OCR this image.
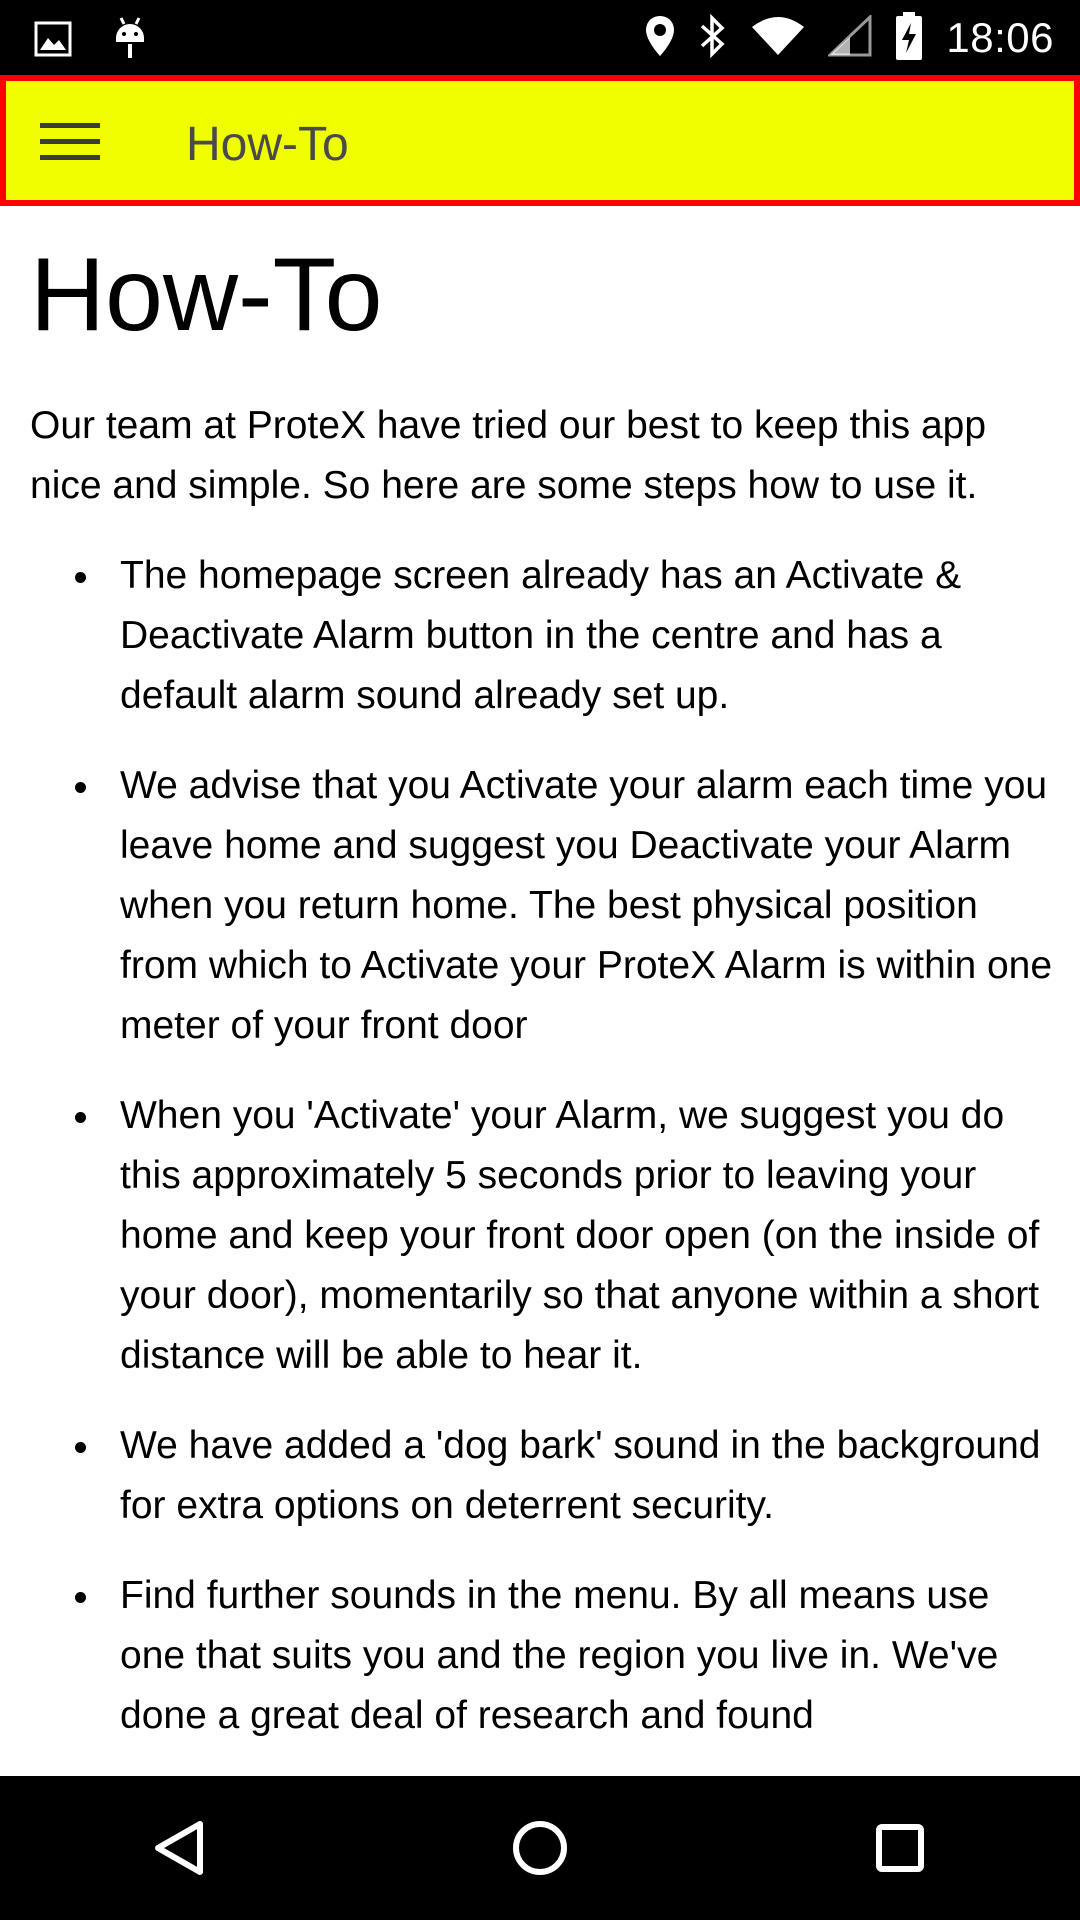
18:06
How-To
How-To

Our team at ProteX have tried our best to keep this app nice and simple. So here are some steps how to use it.

The homepage screen already has an Activate & Deactivate Alarm button in the centre and has a default alarm sound already set up.
We advise that you Activate your alarm each time you leave home and suggest you Deactivate your Alarm when you return home. The best physical position from which to Activate your ProteX Alarm is within one meter of your front door
When you 'Activate' your Alarm, we suggest you do this approximately 5 seconds prior to leaving your home and keep your front door open (on the inside of your door), momentarily so that anyone within a short distance will be able to hear it.
We have added a 'dog bark' sound in the background for extra options on deterrent security.
Find further sounds in the menu. By all means use one that suits you and the region you live in. We've done a great deal of research and found
